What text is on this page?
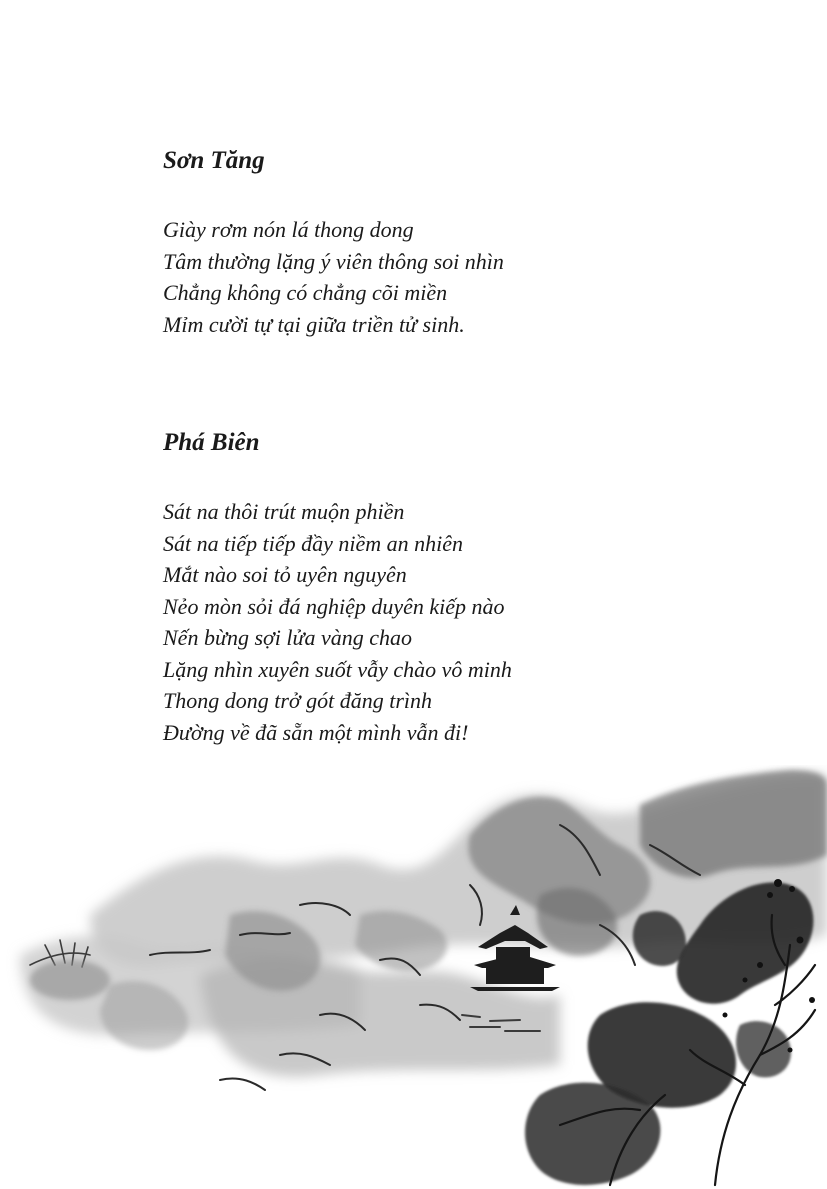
Sơn Tăng
Giày rơm nón lá thong dong
Tâm thường lặng ý viên thông soi nhìn
Chẳng không có chẳng cõi miền
Mỉm cười tự tại giữa triền tử sinh.
Phá Biên
Sát na thôi trút muộn phiền
Sát na tiếp tiếp đầy niềm an nhiên
Mắt nào soi tỏ uyên nguyên
Nẻo mòn sỏi đá nghiệp duyên kiếp nào
Nến bừng sợi lửa vàng chao
Lặng nhìn xuyên suốt vẫy chào vô minh
Thong dong trở gót đăng trình
Đường về đã sẵn một mình vẫn đi!
